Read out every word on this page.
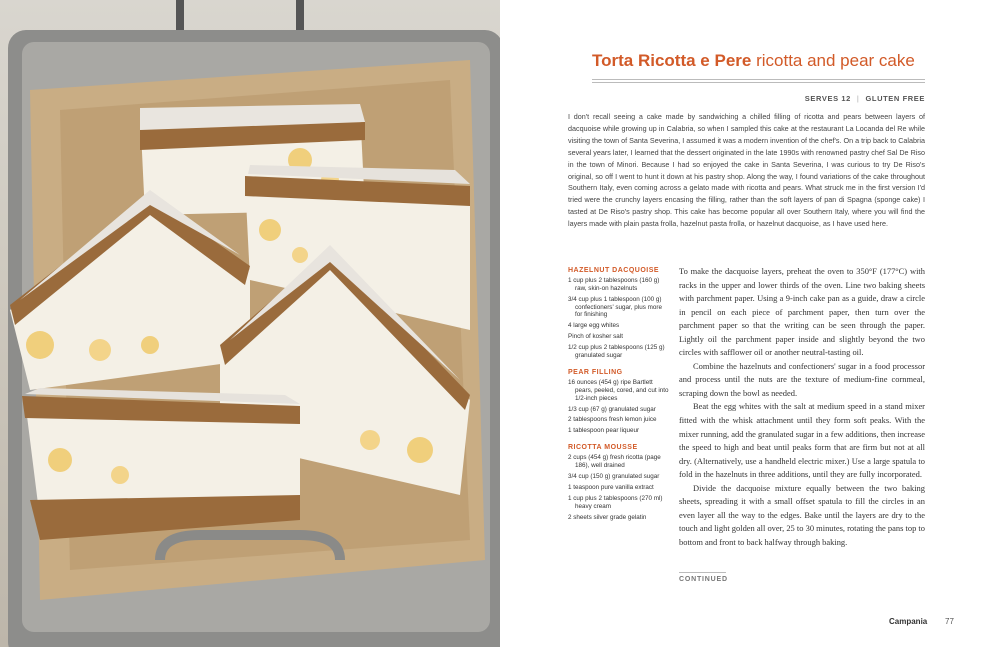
Torta Ricotta e Pere ricotta and pear cake
SERVES 12 | GLUTEN FREE

I don't recall seeing a cake made by sandwiching a chilled filling of ricotta and pears between layers of dacquoise while growing up in Calabria, so when I sampled this cake at the restaurant La Locanda del Re while visiting the town of Santa Severina, I assumed it was a modern invention of the chef's. On a trip back to Calabria several years later, I learned that the dessert originated in the late 1990s with renowned pastry chef Sal De Riso in the town of Minori. Because I had so enjoyed the cake in Santa Severina, I was curious to try De Riso's original, so off I went to hunt it down at his pastry shop. Along the way, I found variations of the cake throughout Southern Italy, even coming across a gelato made with ricotta and pears. What struck me in the first version I'd tried were the crunchy layers encasing the filling, rather than the soft layers of pan di Spagna (sponge cake) I tasted at De Riso's pastry shop. This cake has become popular all over Southern Italy, where you will find the layers made with plain pasta frolla, hazelnut pasta frolla, or hazelnut dacquoise, as I have used here.

HAZELNUT DACQUOISE
1 cup plus 2 tablespoons (160 g) raw, skin-on hazelnuts
3/4 cup plus 1 tablespoon (100 g) confectioners' sugar, plus more for finishing
4 large egg whites
Pinch of kosher salt
1/2 cup plus 2 tablespoons (125 g) granulated sugar
PEAR FILLING
16 ounces (454 g) ripe Bartlett pears, peeled, cored, and cut into 1/2-inch pieces
1/3 cup (67 g) granulated sugar
2 tablespoons fresh lemon juice
1 tablespoon pear liqueur
RICOTTA MOUSSE
2 cups (454 g) fresh ricotta (page 186), well drained
3/4 cup (150 g) granulated sugar
1 teaspoon pure vanilla extract
1 cup plus 2 tablespoons (270 ml) heavy cream
2 sheets silver grade gelatin

To make the dacquoise layers, preheat the oven to 350°F (177°C) with racks in the upper and lower thirds of the oven. Line two baking sheets with parchment paper. Using a 9-inch cake pan as a guide, draw a circle in pencil on each piece of parchment paper, then turn over the parchment paper so that the writing can be seen through the paper. Lightly oil the parchment paper inside and slightly beyond the two circles with safflower oil or another neutral-tasting oil.

Combine the hazelnuts and confectioners' sugar in a food processor and process until the nuts are the texture of medium-fine cornmeal, scraping down the bowl as needed.

Beat the egg whites with the salt at medium speed in a stand mixer fitted with the whisk attachment until they form soft peaks. With the mixer running, add the granulated sugar in a few additions, then increase the speed to high and beat until peaks form that are firm but not at all dry. (Alternatively, use a handheld electric mixer.) Use a large spatula to fold in the hazelnuts in three additions, until they are fully incorporated.

Divide the dacquoise mixture equally between the two baking sheets, spreading it with a small offset spatula to fill the circles in an even layer all the way to the edges. Bake until the layers are dry to the touch and light golden all over, 25 to 30 minutes, rotating the pans top to bottom and front to back halfway through baking.

CONTINUED
Campania 77
